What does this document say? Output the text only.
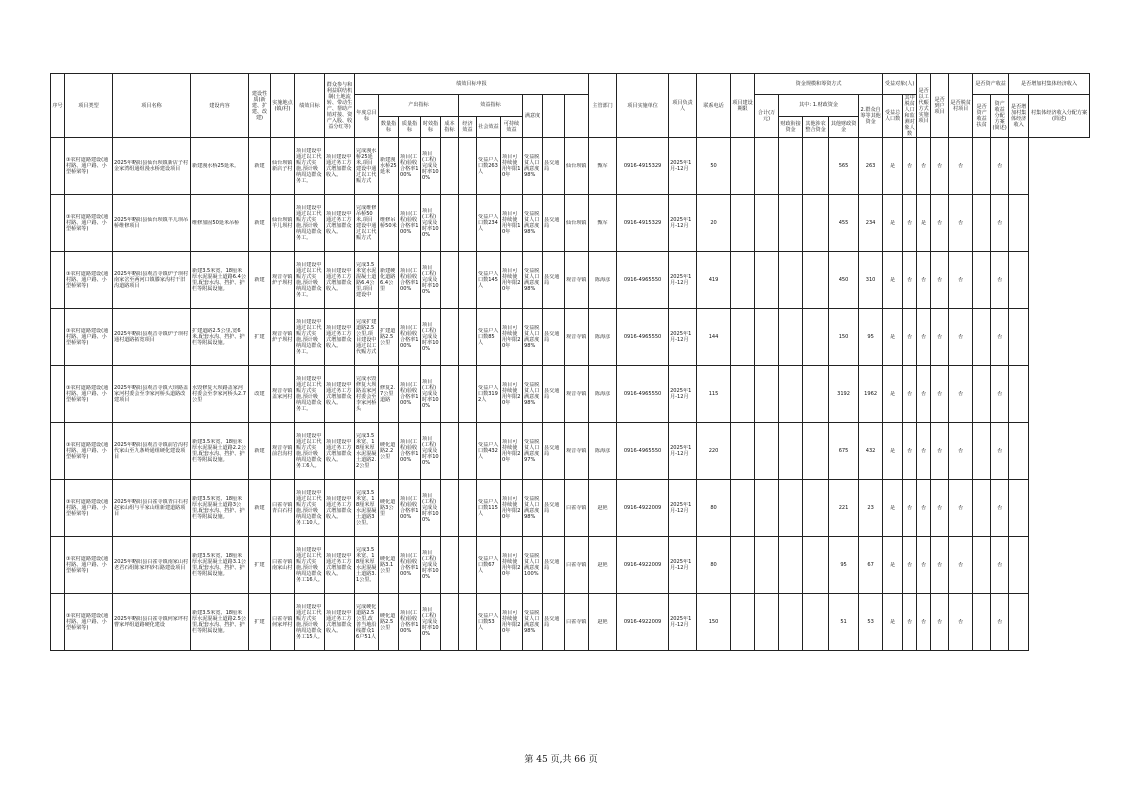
序号	项目类型	项目名称	建设内容	建设性质(新建、扩建、改建)	实施地点(镇/村)	绩效目标	群众参与和利益联结机制(土地流转、带动生产、帮助产销对接、资产入股、收益分红等)	绩效目标申报											主管部门	项目实施单位	项目负责人	联系电话	项目建设期限	资金规模和筹资方式					受益对象(人)		是否以工代赈方式实施项目	是否到户项目	是否脱贫村项目	是否资产收益		是否增加村集体经济收入	
								年度总目标	产出指标				效益指标			满意度								合计(万元)	其中: 1.财政资金			2.群众自筹等其他资金	受益总人口数	其中脱贫人口和监测对象人数				是否资产收益扶贫	资产收益分配方案(简述)	是否增加村集体经济收入	村集体经济收入分配方案(简述)
									数量指标	质量指标	时效指标	成本指标	经济效益	社会效益	可持续效益										财政衔接资金	其他涉农整合资金	其他财政资金										

	③农村道路建设(通村路、通户路、小型桥梁等)	2025年略阳县仙台坝镇新店子村金家湾组通组漫水桥建设项目	新建漫水桥25延米。	新建	仙台坝镇新店子村	项目建设中通过以工代赈方式实施,预计吸纳周边群众务工。	项目建设中通过务工方式增加群众收入。	完成漫水桥25延米,项目建设中通过以工代赈方式	新建漫水桥25延米	项目(工程)验收合格率100%	项目(工程)完成及时率100%			受益户人口数263人	项目可持续使用年限10年	受益脱贫人口满意度98%	县交通局	仙台坝镇	甄军	0916-4915329	2025年1月-12月	50					565	263	是	否	否	否	否		否		

	③农村道路建设(通村路、通户路、小型桥梁等)	2025年略阳县仙台坝镇羊儿坝吊桥维修项目	维修加固50延米吊桥	新建	仙台坝镇羊儿坝村	项目建设中通过以工代赈方式实施,预计吸纳周边群众务工。	项目建设中通过务工方式增加群众收入。	完成维修吊桥50米,项目建设中通过以工代赈方式	维修吊桥50米	项目(工程)验收合格率100%	项目(工程)完成及时率100%			受益户人口数234人	项目可持续使用年限10年	受益脱贫人口满意度98%	县交通局	仙台坝镇	甄军	0916-4915329	2025年1月-12月	20					455	234	是	否	是	否	否		否		

	③农村道路建设(通村路、通户路、小型桥梁等)	2025年略阳县观音寺镇炉子坝村南家岔至两河口镇滕家沟村干旧沟道路项目	新建3.5米宽、18厘米厚水泥混凝土道路6.4公里,配套水沟、挡护、护栏等附属设施。	新建	观音寺镇炉子坝村	项目建设中通过以工代赈方式实施,预计吸纳周边群众务工。	项目建设中通过务工方式增加群众收入。	完成3.5米宽水泥混凝土道路6.4公里,项目建设中	新建硬化道路6.4公里	项目(工程)验收合格率100%	项目(工程)完成及时率100%			受益户人口数145人	项目可持续使用年限20年	受益脱贫人口满意度98%	县交通局	观音寺镇	陈海彦	0916-4965550	2025年1月-12月	419					450	310	是	否	否	否	否		否		

	③农村道路建设(通村路、通户路、小型桥梁等)	2025年略阳县观音寺镇炉子坝村通村道路拓宽项目	扩建道路2.5公里,宽6米,配套水沟、挡护、护栏等附属设施。	扩建	观音寺镇炉子坝村	项目建设中通过以工代赈方式实施,预计吸纳周边群众务工。	项目建设中通过务工方式增加群众收入。	完成扩建道路2.5公里,项目建设中通过以工代赈方式	扩建道路2.5公里	项目(工程)验收合格率100%	项目(工程)完成及时率100%			受益户人口数85人	项目可持续使用年限20年	受益脱贫人口满意度98%	县交通局	观音寺镇	陈海彦	0916-4965550	2025年1月-12月	144					150	95	是	否	否	否	否		否		

	③农村道路建设(通村路、通户路、小型桥梁等)	2025年略阳县观音寺镇大坝路盖家河村委会至李家河桥头道路改建项目	水毁修复大坝路盖家河村委会至李家河桥头2.7公里	改建	观音寺镇盖家河村	项目建设中通过以工代赈方式实施,预计吸纳周边群众务工。	项目建设中通过务工方式增加群众收入。	完成水毁修复大坝路盖家河村委会至李家河桥头	修复2.7公里道路	项目(工程)验收合格率100%	项目(工程)完成及时率100%			受益户人口数3192人	项目可持续使用年限20年	受益脱贫人口满意度98%	县交通局	观音寺镇	陈海彦	0916-4965550	2025年1月-12月	115					3192	1962	是	否	否	否	否		否		

	③农村道路建设(通村路、通户路、小型桥梁等)	2025年略阳县观音寺镇前岩沟村代家山至九条岭通组硬化建设项目	新建3.5米宽、18厘米厚水泥混凝土道路2.2公里,配套水沟、挡护、护栏等附属设施。	新建	观音寺镇前岩沟村	项目建设中通过以工代赈方式实施,预计吸纳周边群众务工6人。	项目建设中通过务工方式增加群众收入。	完成3.5米宽、18厘米厚水泥混凝土道路2.2公里	硬化道路2.2公里	项目(工程)验收合格率100%	项目(工程)完成及时率100%			受益户人口数432人	项目可持续使用年限20年	受益脱贫人口满意度97%	县交通局	观音寺镇	陈海彦	0916-4965550	2025年1月-12月	220					675	432	是	否	否	否	否		否		

	③农村道路建设(通村路、通户路、小型桥梁等)	2025年略阳县白雀寺镇青白石村赵家山组与平家山组新建道路项目	新建3.5米宽、18厘米厚水泥混凝土道路3公里,配套水沟、挡护、护栏等附属设施。	新建	白雀寺镇青白石村	项目建设中通过以工代赈方式实施,预计吸纳周边群众务工10人。	项目建设中通过务工方式增加群众收入。	完成3.5米宽、18厘米厚水泥混凝土道路3公里。	硬化道路3公里	项目(工程)验收合格率100%	项目(工程)完成及时率100%			受益户人口数115人	项目可持续使用年限20年	受益脱贫人口满意度98%	县交通局	白雀寺镇	赵艳	0916-4922009	2025年1月-12月	80					221	23	是	否	否	否	否		否		

	③农村道路建设(通村路、通户路、小型桥梁等)	2025年略阳县白雀寺镇南家山村老君石组陈家坪砂石路建设项目	新建3.5米宽、18厘米厚水泥混凝土道路3.1公里,配套水沟、挡护、护栏等附属设施。	扩建	白雀寺镇南家山村	项目建设中通过以工代赈方式实施,预计吸纳周边群众务工16人。	项目建设中通过务工方式增加群众收入。	完成3.5米宽、18厘米厚水泥混凝土道路3.1公里。	硬化道路3.1公里	项目(工程)验收合格率100%	项目(工程)完成及时率100%			受益户人口数67人	项目可持续使用年限20年	受益脱贫人口满意度100%	县交通局	白雀寺镇	赵艳	0916-4922009	2025年1月-12月	80					95	67	是	否	否	否	否		否		

	③农村道路建设(通村路、通户路、小型桥梁等)	2025年略阳县白雀寺镇何家坪村曹家坪组道路硬化建设	新建3.5米宽、18厘米厚水泥混凝土道路2.5公里,配套水沟、挡护、护栏等附属设施。	扩建	白雀寺镇何家坪村	项目建设中通过以工代赈方式实施,预计吸纳周边群众务工15人。	项目建设中通过务工方式增加群众收入。	完成硬化道路2.5公里,改善当地沿线群众16户51人	硬化道路2.5公里	项目(工程)验收合格率100%	项目(工程)完成及时率100%			受益户人口数53人	项目可持续使用年限20年	受益脱贫人口满意度98%	县交通局	白雀寺镇	赵艳	0916-4922009	2025年1月-12月	150					51	53	是	否	否	否	否		否		

第 45 页,共 66 页
